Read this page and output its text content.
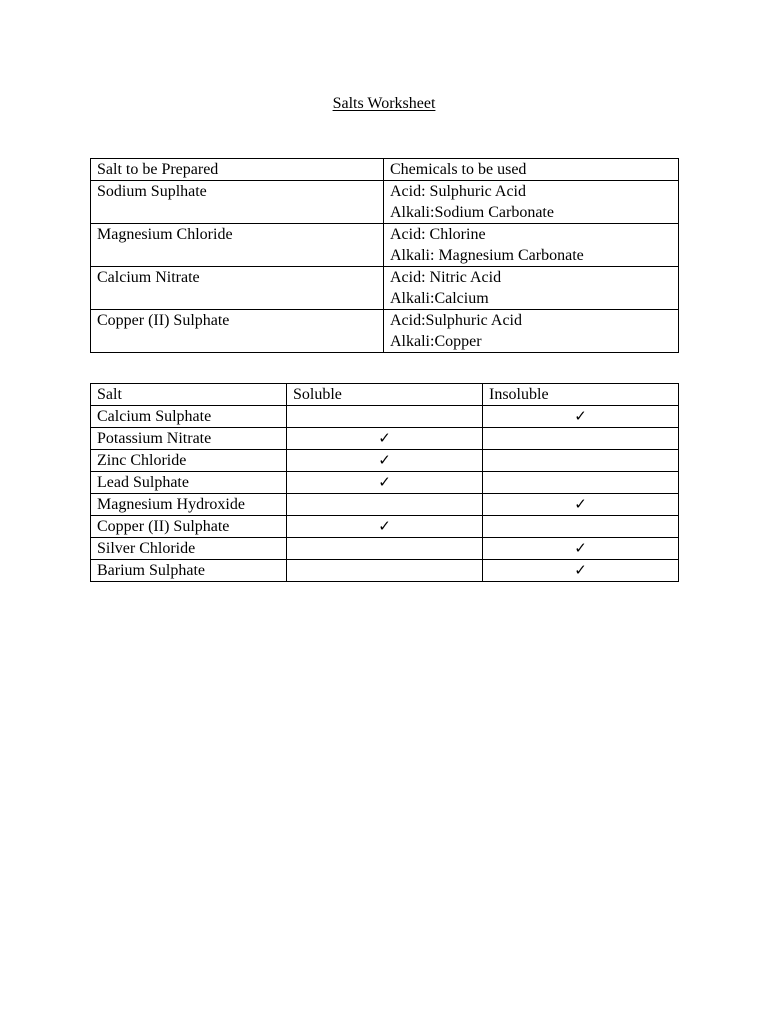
Salts Worksheet
Salt to be Prepared	Chemicals to be used
Sodium Suplhate	Acid: Sulphuric Acid
Alkali:Sodium Carbonate

Magnesium Chloride	Acid: Chlorine
Alkali: Magnesium Carbonate

Calcium Nitrate	Acid: Nitric Acid
Alkali:Calcium

Copper (II) Sulphate	Acid:Sulphuric Acid
Alkali:Copper
Salt	Soluble	Insoluble
Calcium Sulphate		✓

Potassium Nitrate	✓	

Zinc Chloride	✓	

Lead Sulphate	✓	

Magnesium Hydroxide		✓

Copper (II) Sulphate	✓	

Silver Chloride		✓

Barium Sulphate		✓
